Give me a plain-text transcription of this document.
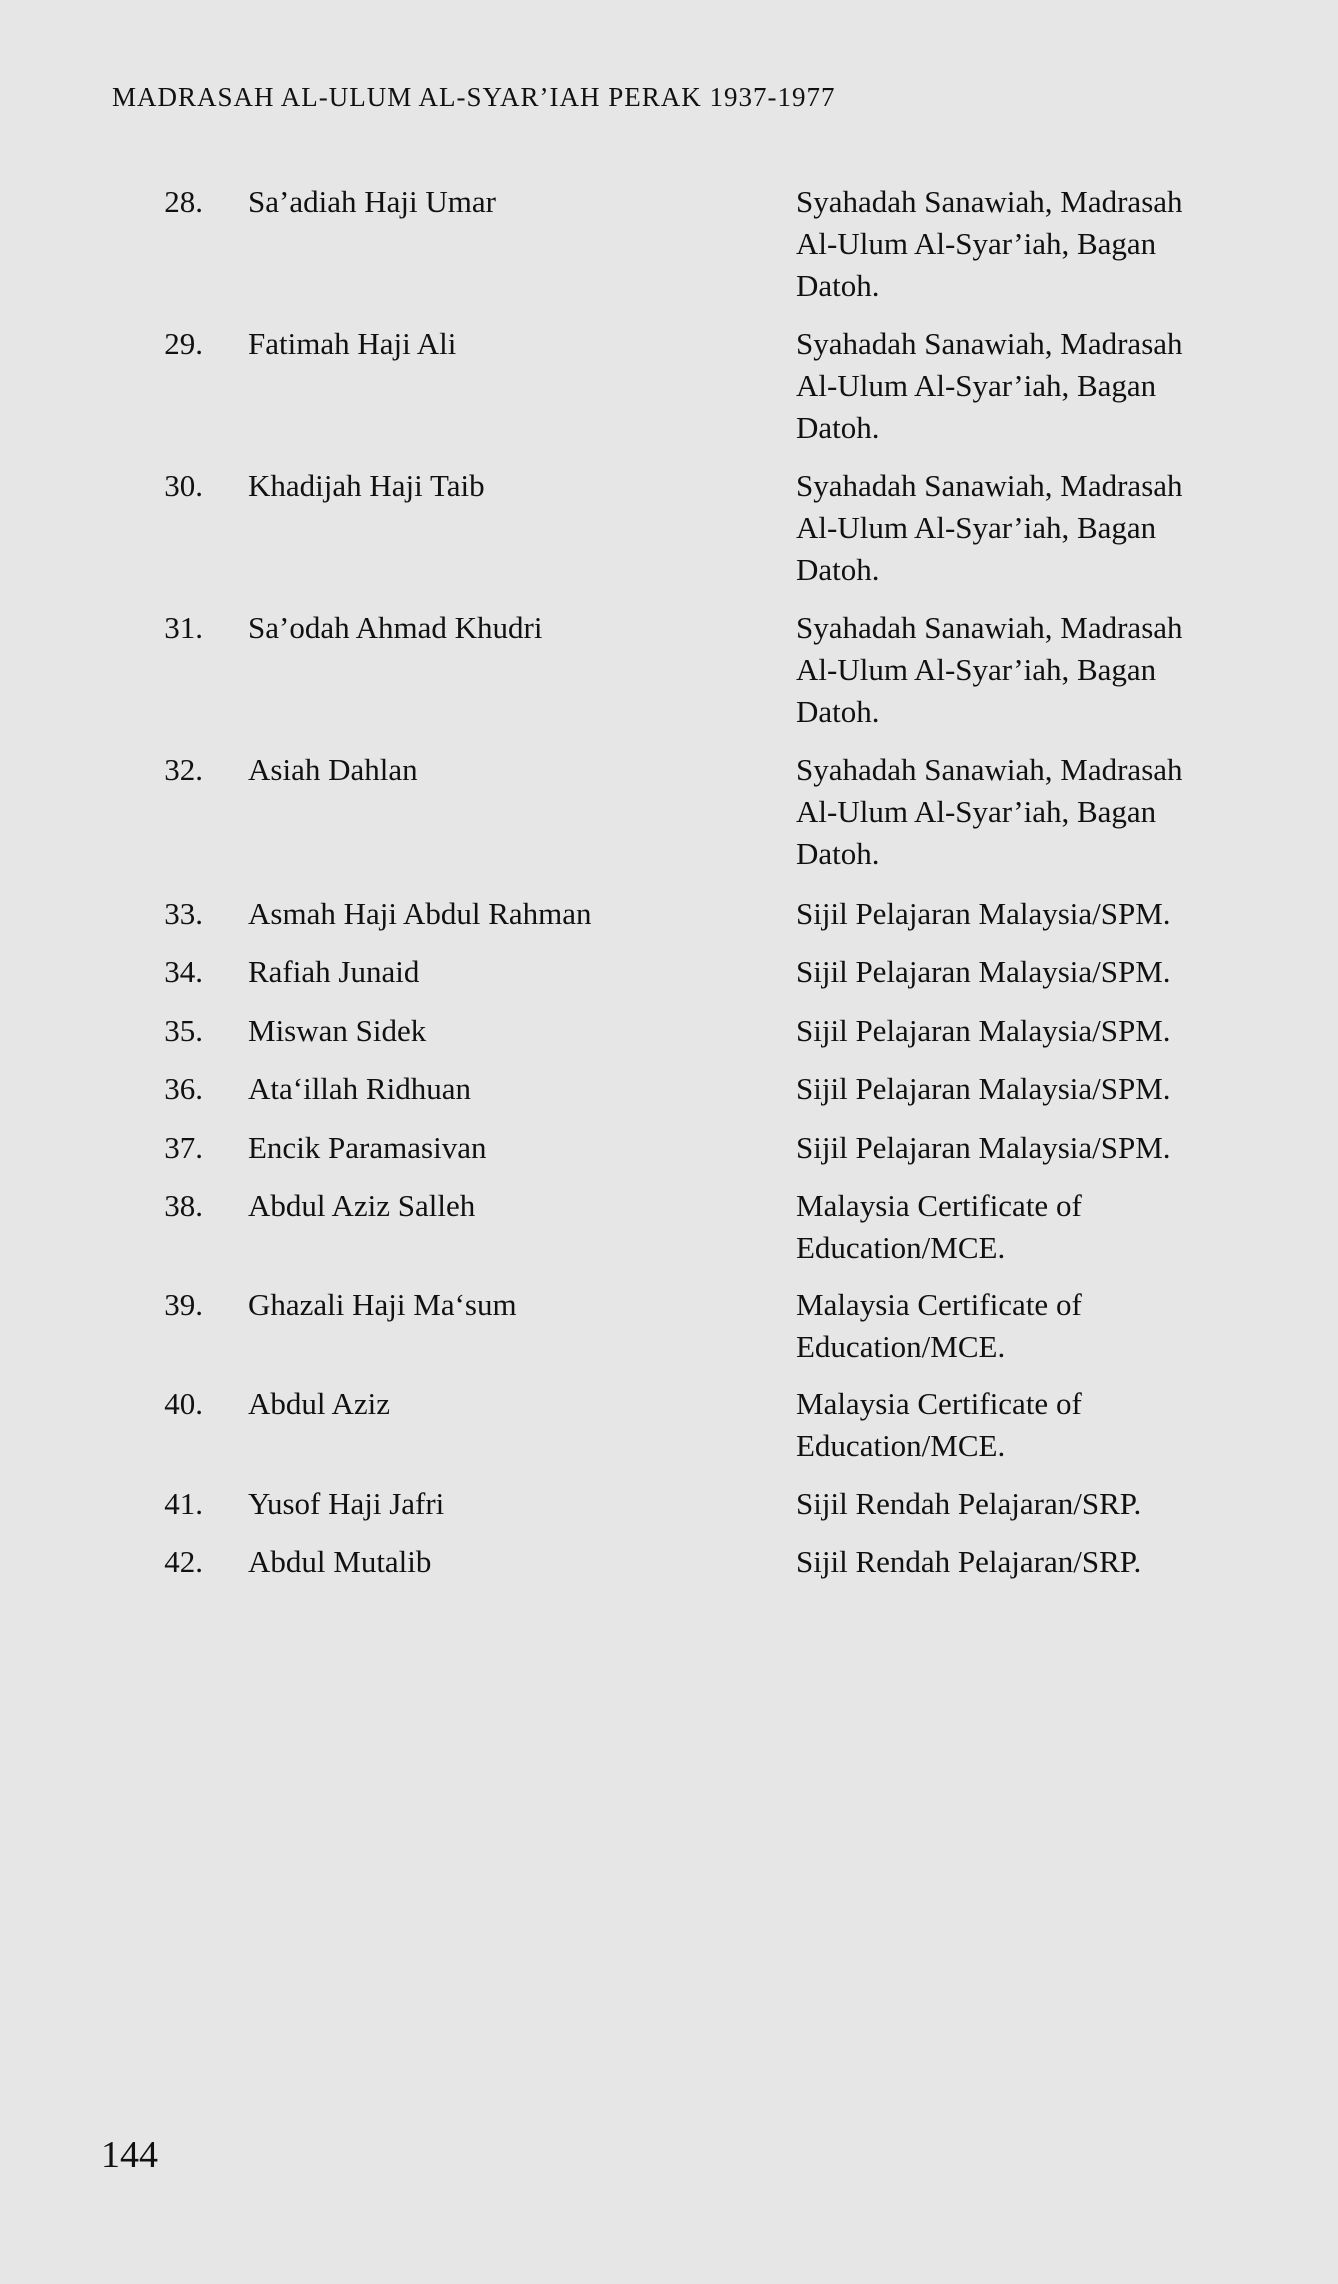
MADRASAH AL-ULUM AL-SYAR’IAH PERAK 1937-1977
28. Sa’adiah Haji Umar	Syahadah Sanawiah, Madrasah
Al-Ulum Al-Syar’iah, Bagan
Datoh.
29. Fatimah Haji Ali	Syahadah Sanawiah, Madrasah
Al-Ulum Al-Syar’iah, Bagan
Datoh.
30. Khadijah Haji Taib	Syahadah Sanawiah, Madrasah
Al-Ulum Al-Syar’iah, Bagan
Datoh.
31. Sa’odah Ahmad Khudri	Syahadah Sanawiah, Madrasah
Al-Ulum Al-Syar’iah, Bagan
Datoh.
32. Asiah Dahlan	Syahadah Sanawiah, Madrasah
Al-Ulum Al-Syar’iah, Bagan
Datoh.
33. Asmah Haji Abdul Rahman	Sijil Pelajaran Malaysia/SPM.
34. Rafiah Junaid	Sijil Pelajaran Malaysia/SPM.
35. Miswan Sidek	Sijil Pelajaran Malaysia/SPM.
36. Ata‘illah Ridhuan	Sijil Pelajaran Malaysia/SPM.
37. Encik Paramasivan	Sijil Pelajaran Malaysia/SPM.
38. Abdul Aziz Salleh	Malaysia Certificate of
Education/MCE.
39. Ghazali Haji Ma‘sum	Malaysia Certificate of
Education/MCE.
40. Abdul Aziz	Malaysia Certificate of
Education/MCE.
41. Yusof Haji Jafri	Sijil Rendah Pelajaran/SRP.
42. Abdul Mutalib	Sijil Rendah Pelajaran/SRP.
144
